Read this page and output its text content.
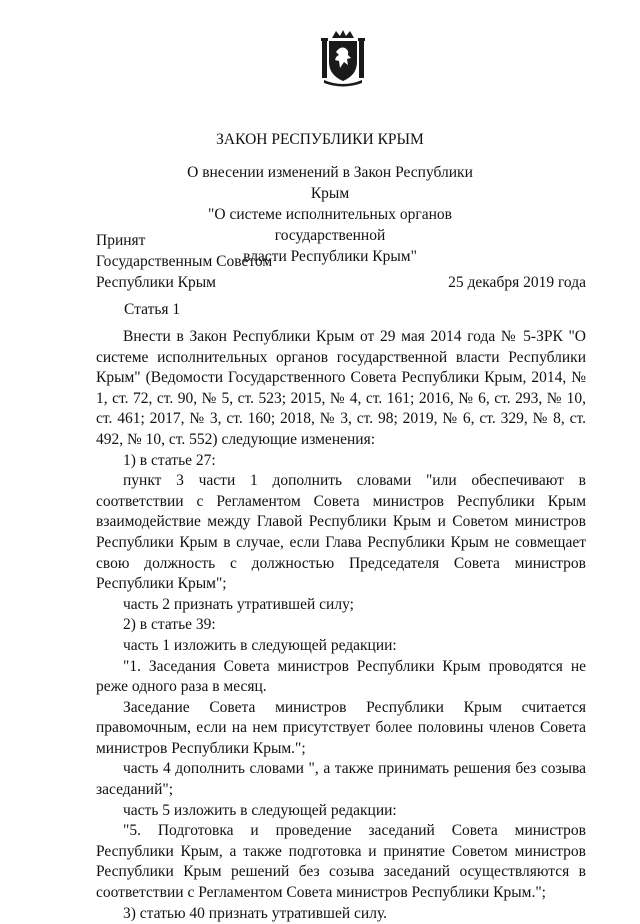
ЗАКОН РЕСПУБЛИКИ КРЫМ
О внесении изменений в Закон Республики Крым
"О системе исполнительных органов государственной
власти Республики Крым"
Принят
Государственным Советом
Республики Крым	25 декабря 2019 года
Статья 1

Внести в Закон Республики Крым от 29 мая 2014 года № 5-ЗРК "О системе исполнительных органов государственной власти Республики Крым" (Ведомости Государственного Совета Республики Крым, 2014, № 1, ст. 72, ст. 90, № 5, ст. 523; 2015, № 4, ст. 161; 2016, № 6, ст. 293, № 10, ст. 461; 2017, № 3, ст. 160; 2018, № 3, ст. 98; 2019, № 6, ст. 329, № 8, ст. 492, № 10, ст. 552) следующие изменения:

1) в статье 27:

пункт 3 части 1 дополнить словами "или обеспечивают в соответствии с Регламентом Совета министров Республики Крым взаимодействие между Главой Республики Крым и Советом министров Республики Крым в случае, если Глава Республики Крым не совмещает свою должность с должностью Председателя Совета министров Республики Крым";

часть 2 признать утратившей силу;

2) в статье 39:

часть 1 изложить в следующей редакции:

"1. Заседания Совета министров Республики Крым проводятся не реже одного раза в месяц.

Заседание Совета министров Республики Крым считается правомочным, если на нем присутствует более половины членов Совета министров Республики Крым.";

часть 4 дополнить словами ", а также принимать решения без созыва заседаний";

часть 5 изложить в следующей редакции:

"5. Подготовка и проведение заседаний Совета министров Республики Крым, а также подготовка и принятие Советом министров Республики Крым решений без созыва заседаний осуществляются в соответствии с Регламентом Совета министров Республики Крым.";

3) статью 40 признать утратившей силу.
